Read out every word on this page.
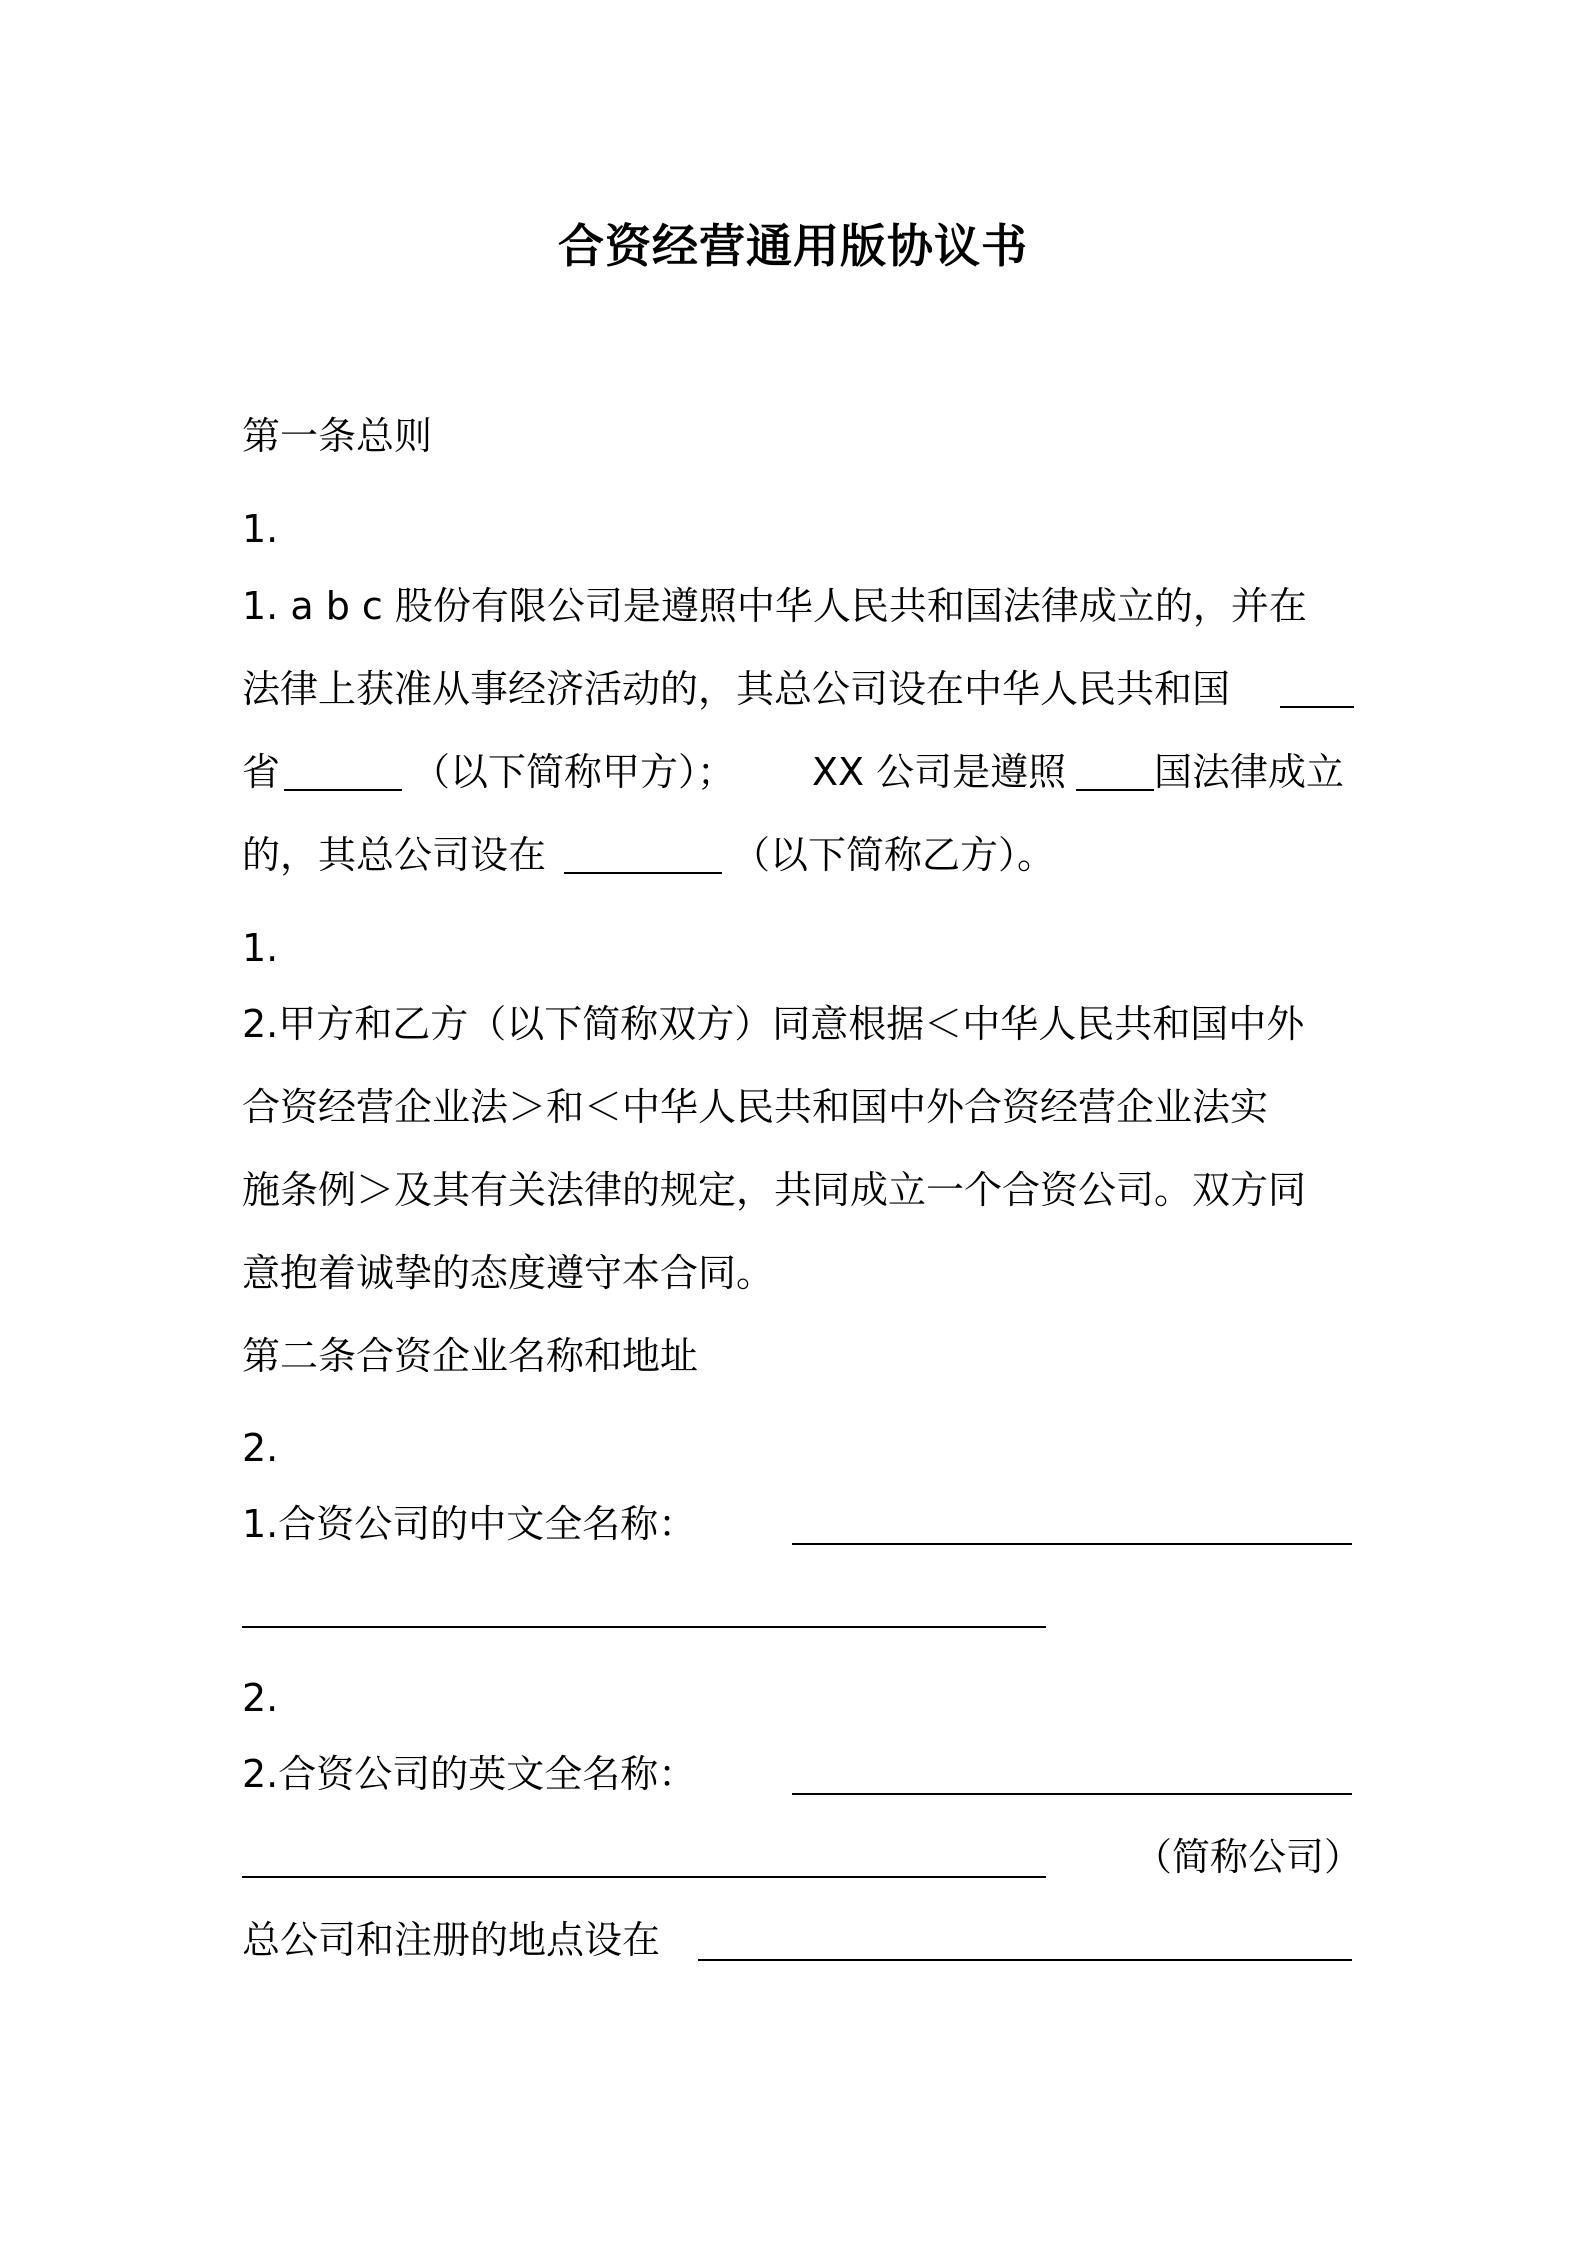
合资经营通用版协议书
第一条总则
1.
1. a b c 股份有限公司是遵照中华人民共和国法律成立的，并在
法律上获准从事经济活动的，其总公司设在中华人民共和国
省	（以下简称甲方）； XX 公司是遵照 国法律成立
的，其总公司设在	（以下简称乙方）。
1.
2.甲方和乙方（以下简称双方）同意根据＜中华人民共和国中外
合资经营企业法＞和＜中华人民共和国中外合资经营企业法实
施条例＞及其有关法律的规定，共同成立一个合资公司。双方同
意抱着诚挚的态度遵守本合同。
第二条合资企业名称和地址
2.
1.合资公司的中文全名称：
2.
2.合资公司的英文全名称：
（简称公司）
总公司和注册的地点设在
